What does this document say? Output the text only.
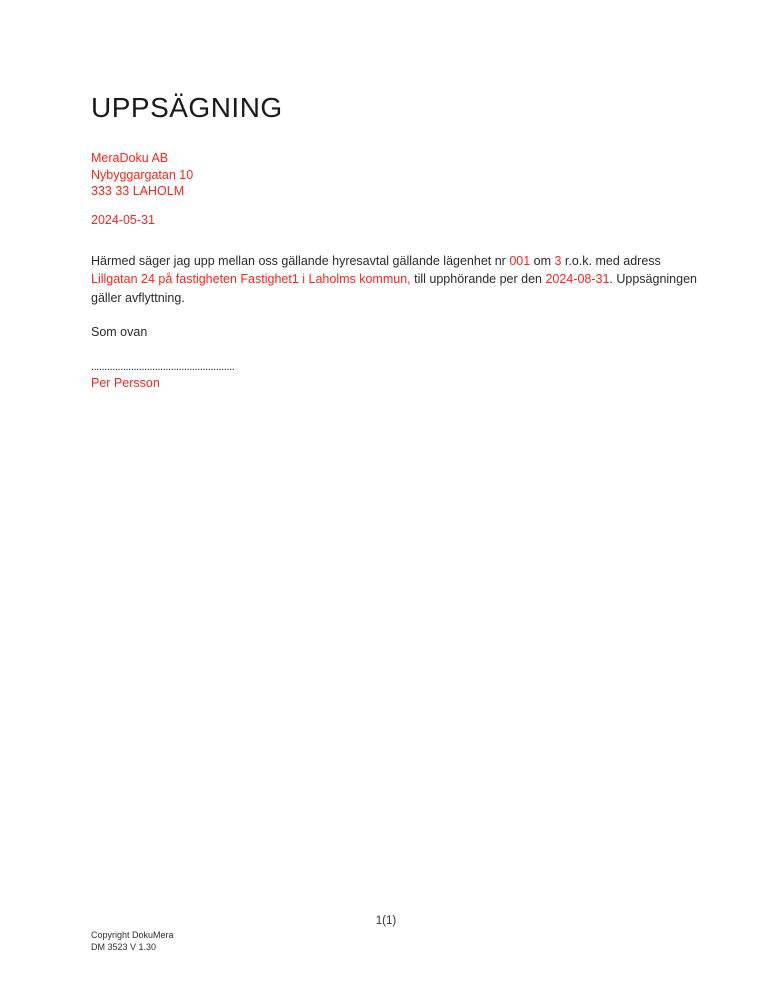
UPPSÄGNING
MeraDoku AB
Nybyggargatan 10
333 33 LAHOLM
2024-05-31

Härmed säger jag upp mellan oss gällande hyresavtal gällande lägenhet nr 001 om 3 r.o.k. med adress Lillgatan 24 på fastigheten Fastighet1 i Laholms kommun, till upphörande per den 2024-08-31. Uppsägningen gäller avflyttning.

Som ovan
......................................................
Per Persson
1(1)
Copyright DokuMera
DM 3523 V 1.30
